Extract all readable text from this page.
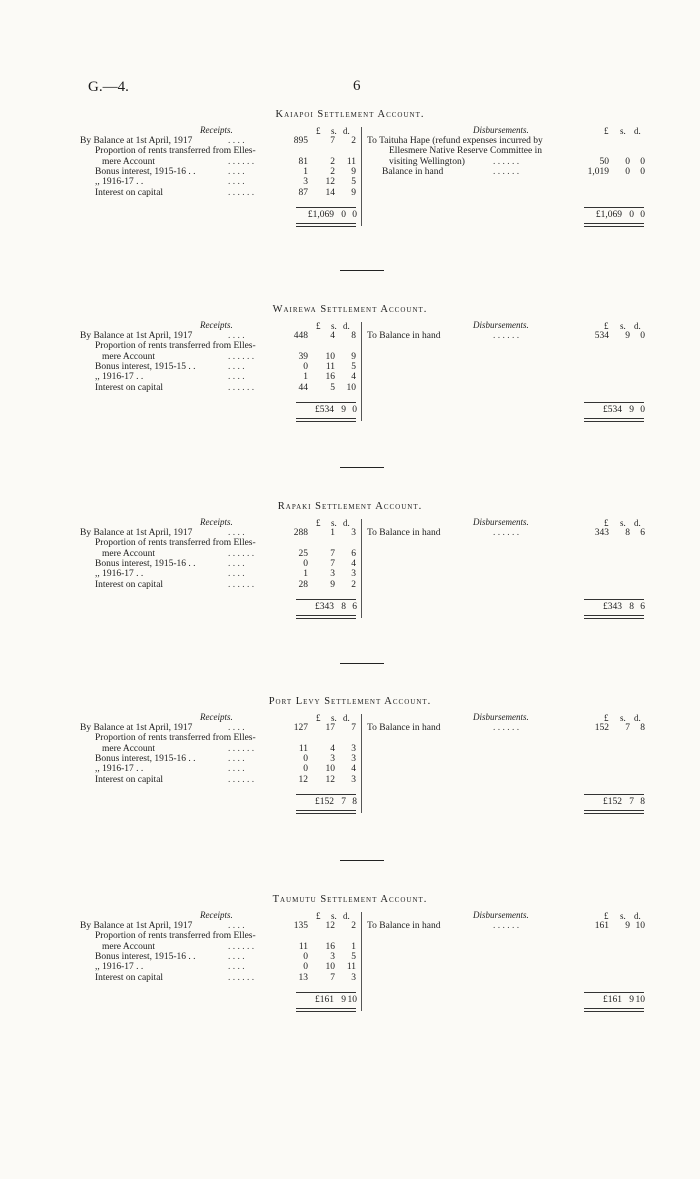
G.—4.	6
Kaiapoi Settlement Account.
Receipts.	Disbursements.
£ s. d.	£ s. d.
By Balance at 1st April, 1917	. . . .	895	7	2
Proportion of rents transferred from Elles-
mere Account	. . . . . .	81	2	11
Bonus interest, 1915-16 . .	. . . .	1	2	9
,, 1916-17 . .	. . . .	3	12	5
Interest on capital	. . . . . .	87	14	9
To Taituha Hape (refund expenses incurred by
Ellesmere Native Reserve Committee in
visiting Wellington)	. . . . . .	50	0	0
Balance in hand	. . . . . .	1,019	0	0
£1,069 0 0	£1,069 0 0
Wairewa Settlement Account.
Receipts.	Disbursements.
£ s. d.	£ s. d.
By Balance at 1st April, 1917	. . . .	448	4	8
Proportion of rents transferred from Elles-
mere Account	. . . . . .	39	10	9
Bonus interest, 1915-15 . .	. . . .	0	11	5
,, 1916-17 . .	. . . .	1	16	4
Interest on capital	. . . . . .	44	5	10
To Balance in hand	. . . . . .	534	9	0
£534 9 0	£534 9 0
Rapaki Settlement Account.
Receipts.	Disbursements.
£ s. d.	£ s. d.
By Balance at 1st April, 1917	. . . .	288	1	3
Proportion of rents transferred from Elles-
mere Account	. . . . . .	25	7	6
Bonus interest, 1915-16 . .	. . . .	0	7	4
,, 1916-17 . .	. . . .	1	3	3
Interest on capital	. . . . . .	28	9	2
To Balance in hand	. . . . . .	343	8	6
£343 8 6	£343 8 6
Port Levy Settlement Account.
Receipts.	Disbursements.
£ s. d.	£ s. d.
By Balance at 1st April, 1917	. . . .	127	17	7
Proportion of rents transferred from Elles-
mere Account	. . . . . .	11	4	3
Bonus interest, 1915-16 . .	. . . .	0	3	3
,, 1916-17 . .	. . . .	0	10	4
Interest on capital	. . . . . .	12	12	3
To Balance in hand	. . . . . .	152	7	8
£152 7 8	£152 7 8
Taumutu Settlement Account.
Receipts.	Disbursements.
£ s. d.	£ s. d.
By Balance at 1st April, 1917	. . . .	135	12	2
Proportion of rents transferred from Elles-
mere Account	. . . . . .	11	16	1
Bonus interest, 1915-16 . .	. . . .	0	3	5
,, 1916-17 . .	. . . .	0	10	11
Interest on capital	. . . . . .	13	7	3
To Balance in hand	. . . . . .	161	9 10
£161 9 10	£161 9 10
